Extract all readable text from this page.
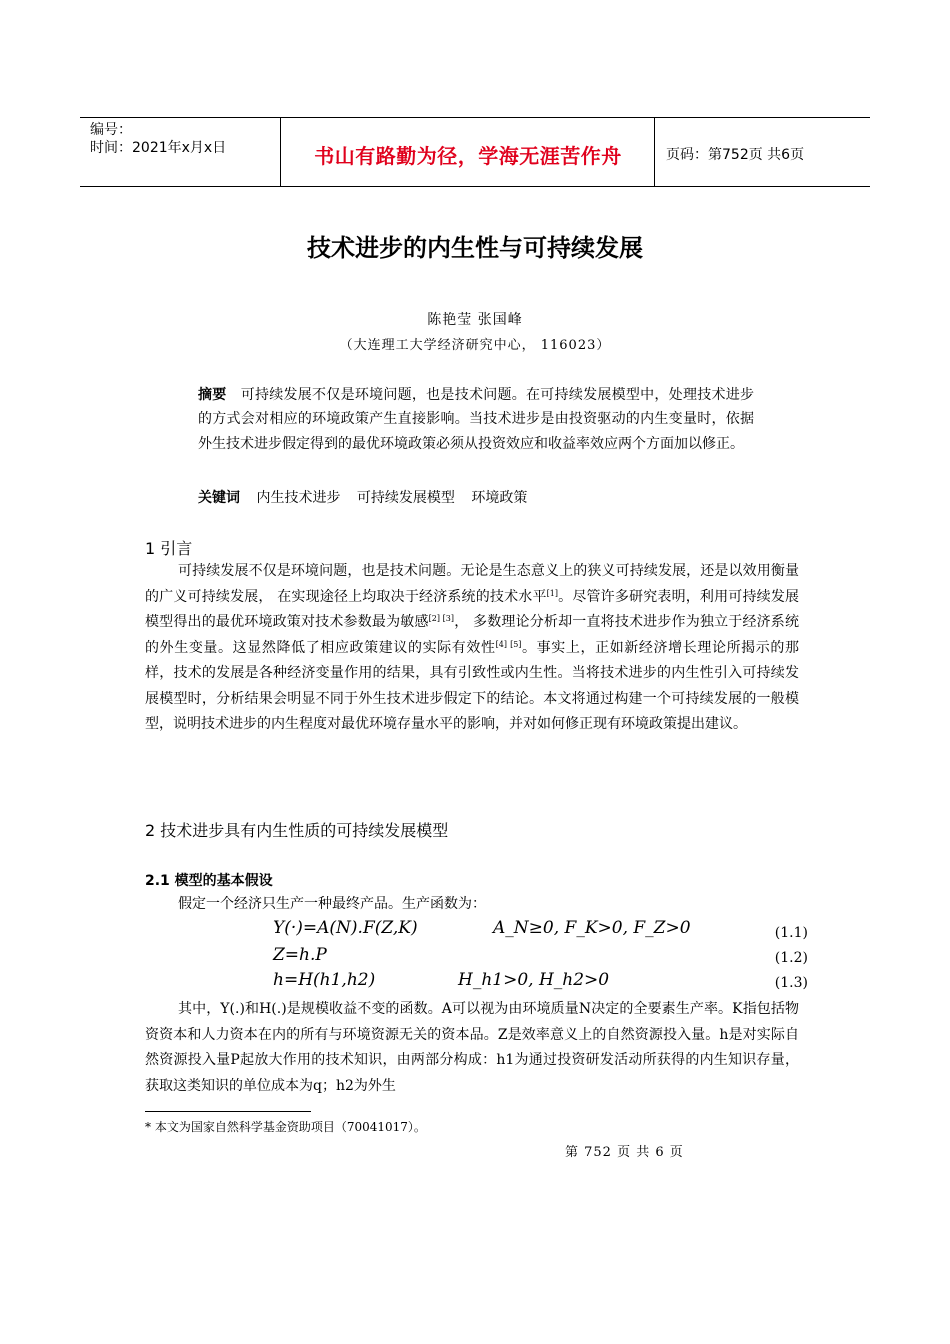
编号：
时间：2021年x月x日	书山有路勤为径，学海无涯苦作舟	页码：第752页 共6页
技术进步的内生性与可持续发展
陈艳莹 张国峰
（大连理工大学经济研究中心， 116023）
摘要 可持续发展不仅是环境问题，也是技术问题。在可持续发展模型中，处理技术进步的方式会对相应的环境政策产生直接影响。当技术进步是由投资驱动的内生变量时，依据外生技术进步假定得到的最优环境政策必须从投资效应和收益率效应两个方面加以修正。
关键词 内生技术进步 可持续发展模型 环境政策
1 引言
可持续发展不仅是环境问题，也是技术问题。无论是生态意义上的狭义可持续发展，还是以效用衡量的广义可持续发展， 在实现途径上均取决于经济系统的技术水平[1]。尽管许多研究表明，利用可持续发展模型得出的最优环境政策对技术参数最为敏感[2] [3]， 多数理论分析却一直将技术进步作为独立于经济系统的外生变量。这显然降低了相应政策建议的实际有效性[4] [5]。事实上，正如新经济增长理论所揭示的那样，技术的发展是各种经济变量作用的结果，具有引致性或内生性。当将技术进步的内生性引入可持续发展模型时，分析结果会明显不同于外生技术进步假定下的结论。本文将通过构建一个可持续发展的一般模型，说明技术进步的内生程度对最优环境存量水平的影响，并对如何修正现有环境政策提出建议。
2 技术进步具有内生性质的可持续发展模型
2.1 模型的基本假设
假定一个经济只生产一种最终产品。生产函数为：
Y(·)=A(N).F(Z,K)	A_N≥0, F_K>0, F_Z>0	(1.1)
Z=h.P	(1.2)
h=H(h1,h2)	H_h1>0, H_h2>0	(1.3)
其中，Y(.)和H(.)是规模收益不变的函数。A可以视为由环境质量N决定的全要素生产率。K指包括物资资本和人力资本在内的所有与环境资源无关的资本品。Z是效率意义上的自然资源投入量。h是对实际自然资源投入量P起放大作用的技术知识，由两部分构成：h1为通过投资研发活动所获得的内生知识存量，获取这类知识的单位成本为q；h2为外生
* 本文为国家自然科学基金资助项目（70041017）。
第 752 页 共 6 页
